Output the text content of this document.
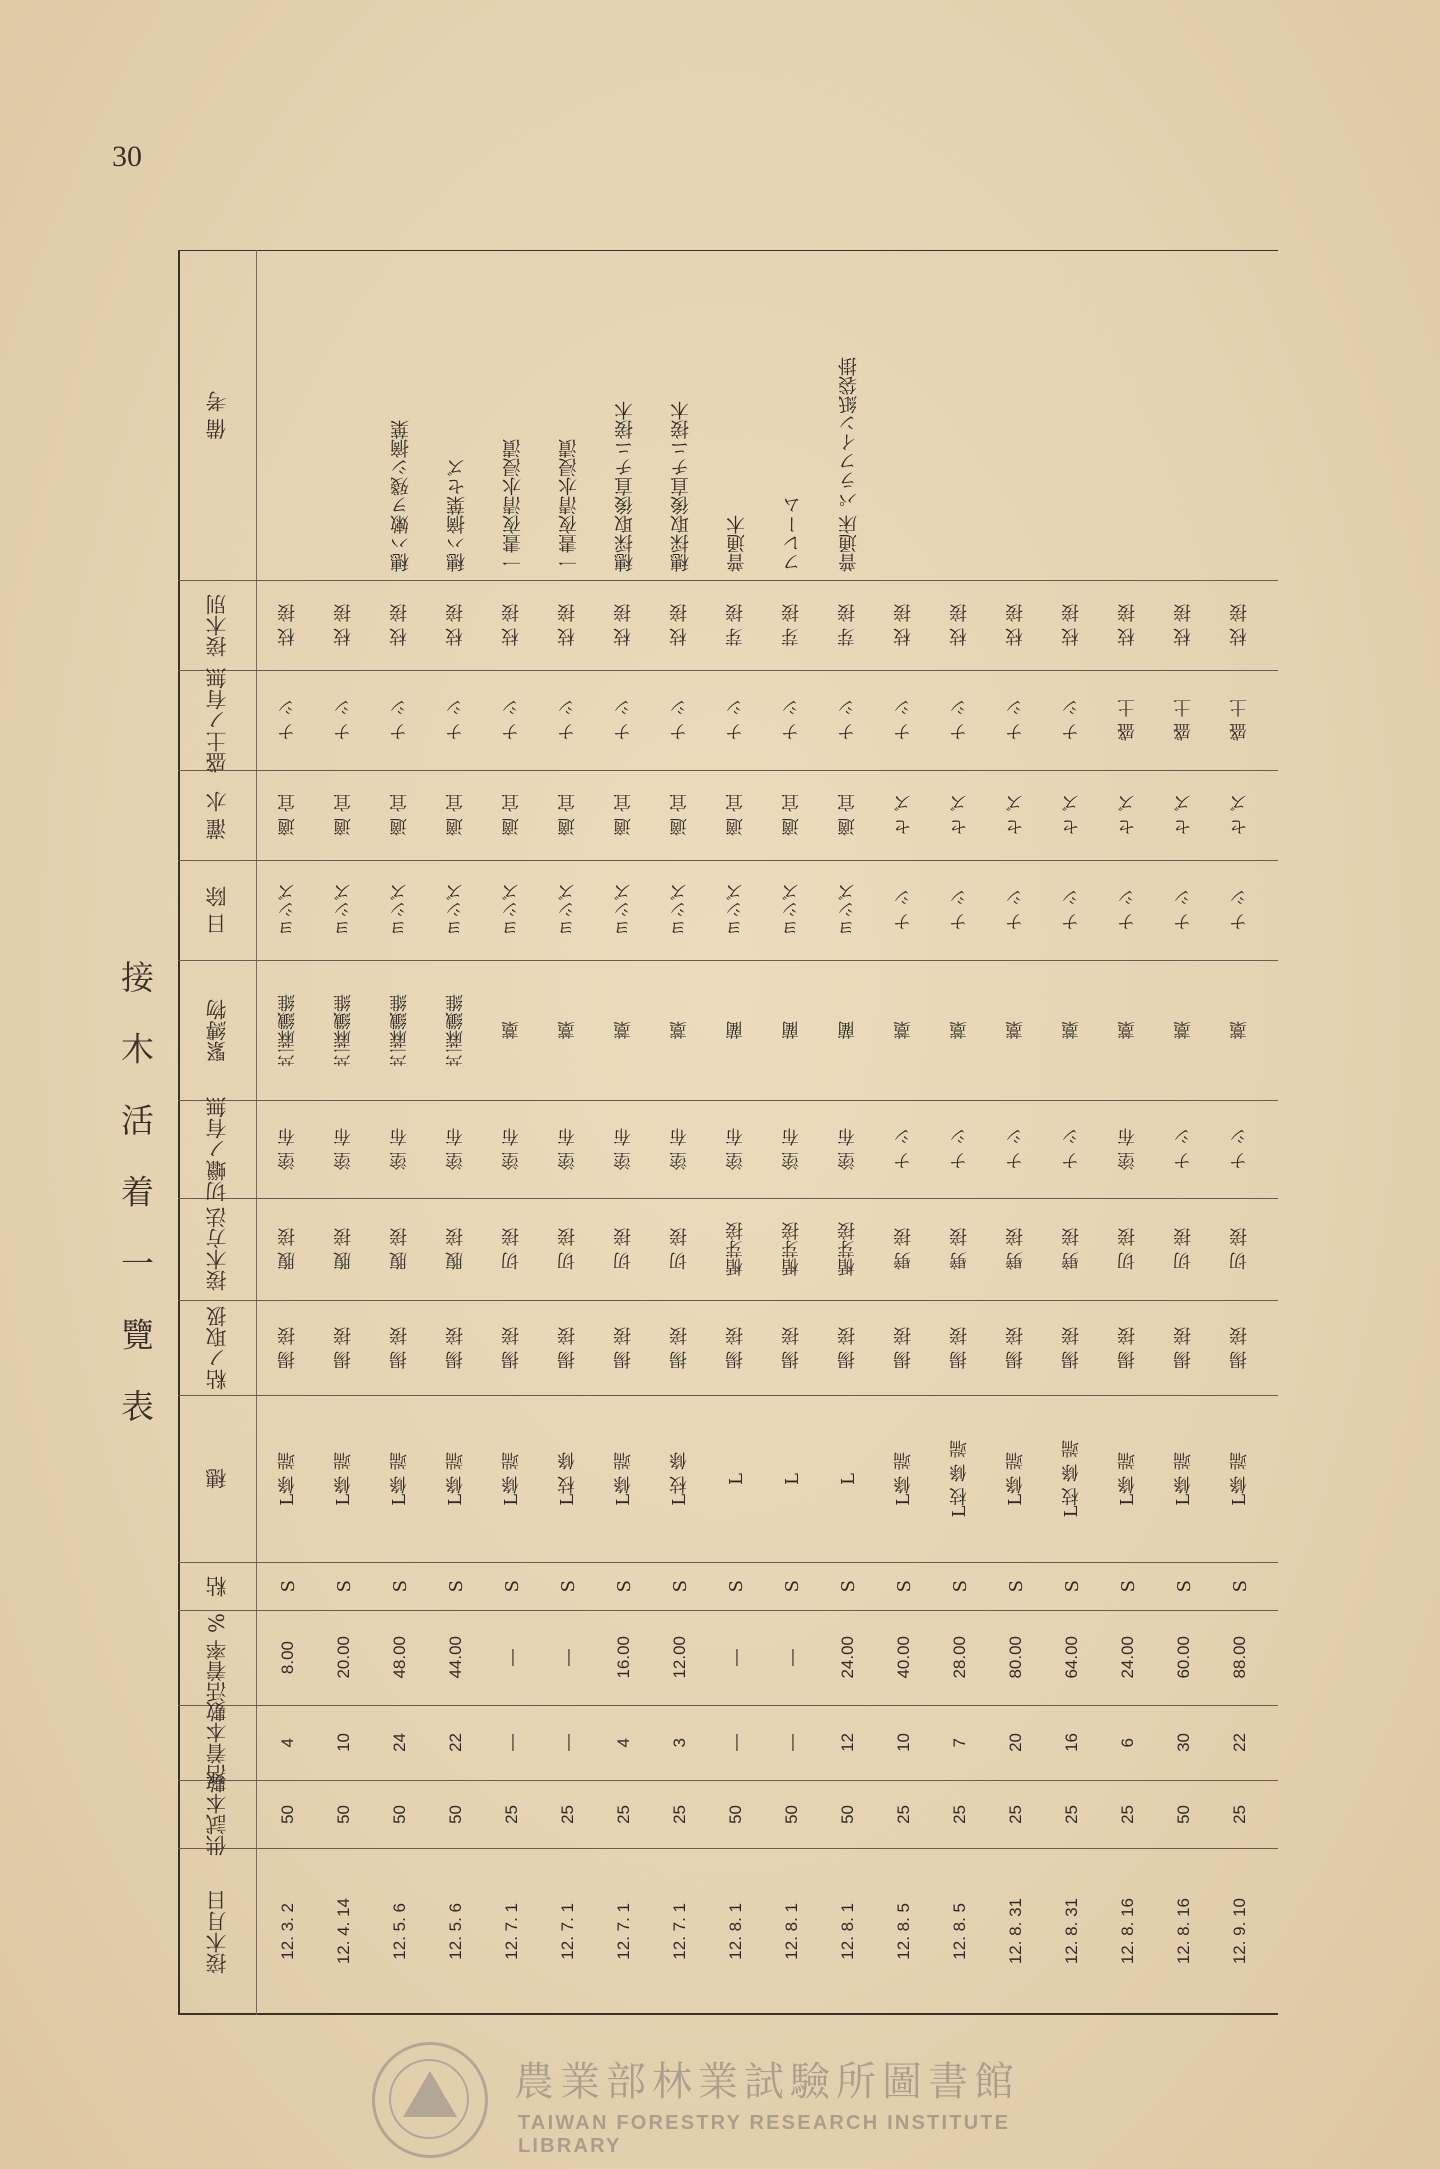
30
接 木 活 着 一 覽 表
接木月日
供試本數
活着本數
活着率 %
粘
穗
粘ノ取扱
接木方法
切蠟ノ有無
緊縛物
日 除
灌 水
盛土ノ有無
接木別
備 考
12. 3. 2
50
4
8.00
S
L條 端
揚 接
腹 接
塗 布
苎蔴纖維
ヨシズ
適 宜
ナ シ
枝 接
12. 4. 14
50
10
20.00
S
L條 端
揚 接
腹 接
塗 布
苎蔴纖維
ヨシズ
適 宜
ナ シ
枝 接
12. 5. 6
50
24
48.00
S
L條 端
揚 接
腹 接
塗 布
苎蔴纖維
ヨシズ
適 宜
ナ シ
枝 接
穗ハ嫩ヲ殘シ摘葉
12. 5. 6
50
22
44.00
S
L條 端
揚 接
腹 接
塗 布
苎蔴纖維
ヨシズ
適 宜
ナ シ
枝 接
穗ハ摘葉セズ
12. 7. 1
25
—
—
S
L條 端
揚 接
切 接
塗 布
藁
ヨシズ
適 宜
ナ シ
枝 接
一晝夜清水浸漬
12. 7. 1
25
—
—
S
L枝 條
揚 接
切 接
塗 布
藁
ヨシズ
適 宜
ナ シ
枝 接
一晝夜清水浸漬
12. 7. 1
25
4
16.00
S
L條 端
揚 接
切 接
塗 布
藁
ヨシズ
適 宜
ナ シ
枝 接
穗採取後直チニ接木
12. 7. 1
25
3
12.00
S
L枝 條
揚 接
切 接
塗 布
藁
ヨシズ
適 宜
ナ シ
枝 接
穗採取後直チニ接木
12. 8. 1
50
—
—
S
L
揚 接
楯芽接
塗 布
藺
ヨシズ
適 宜
ナ シ
芽 接
普通木
12. 8. 1
50
—
—
S
L
揚 接
楯芽接
塗 布
藺
ヨシズ
適 宜
ナ シ
芽 接
フレーム
12. 8. 1
50
12
24.00
S
L
揚 接
楯芽接
塗 布
藺
ヨシズ
適 宜
ナ シ
芽 接
普通床 パラフイン紙袋掛
12. 8. 5
25
10
40.00
S
L條 端
揚 接
劈 接
ナ シ
藁
ナ シ
セ ズ
ナ シ
枝 接
12. 8. 5
25
7
28.00
S
L枝 條 端
揚 接
劈 接
ナ シ
藁
ナ シ
セ ズ
ナ シ
枝 接
12. 8. 31
25
20
80.00
S
L條 端
揚 接
劈 接
ナ シ
藁
ナ シ
セ ズ
ナ シ
枝 接
12. 8. 31
25
16
64.00
S
L枝 條 端
揚 接
劈 接
ナ シ
藁
ナ シ
セ ズ
ナ シ
枝 接
12. 8. 16
25
6
24.00
S
L條 端
揚 接
切 接
塗 布
藁
ナ シ
セ ズ
盛 土
枝 接
12. 8. 16
50
30
60.00
S
L條 端
揚 接
切 接
ナ シ
藁
ナ シ
セ ズ
盛 土
枝 接
12. 9. 10
25
22
88.00
S
L條 端
揚 接
切 接
ナ シ
藁
ナ シ
セ ズ
盛 土
枝 接
農業部林業試驗所圖書館
TAIWAN FORESTRY RESEARCH INSTITUTE LIBRARY
